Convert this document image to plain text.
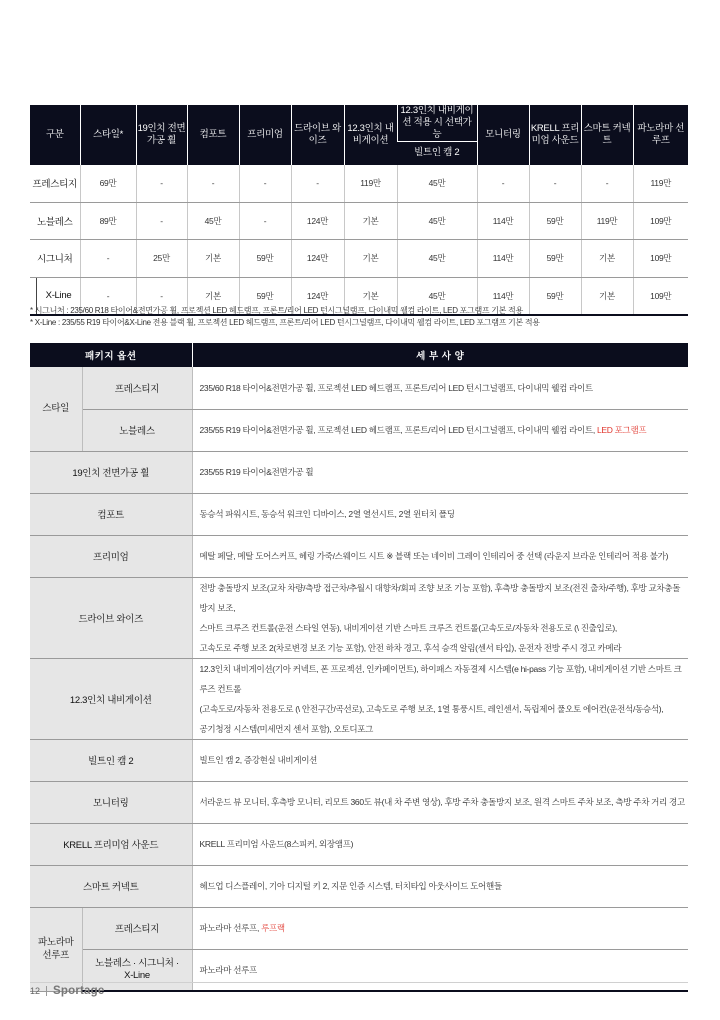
구분	스타일*	19인치 전면가공 휠	컴포트	프리미엄	드라이브 와이즈	12.3인치 내비게이션	12.3인치 내비게이션 적용 시 선택가능	모니터링	KRELL 프리미엄 사운드	스마트 커넥트	파노라마 선루프
							빌트인 캠 2				
프레스티지	69만	-	-	-	-	119만	45만	-	-	-	119만
노블레스	89만	-	45만	-	124만	기본	45만	114만	59만	119만	109만
시그니처	-	25만	기본	59만	124만	기본	45만	114만	59만	기본	109만

X-Line	-	-	기본	59만	124만	기본	45만	114만	59만	기본	109만
* 시그니처 : 235/60 R18 타이어&전면가공 휠, 프로젝션 LED 헤드램프, 프론트/리어 LED 턴시그널램프, 다이내믹 웰컴 라이트, LED 포그램프 기본 적용
* X-Line : 235/55 R19 타이어&X-Line 전용 블랙 휠, 프로젝션 LED 헤드램프, 프론트/리어 LED 턴시그널램프, 다이내믹 웰컴 라이트, LED 포그램프 기본 적용
패키지 옵션		세 부 사 양
스타일	프레스티지	235/60 R18 타이어&전면가공 휠, 프로젝션 LED 헤드램프, 프론트/리어 LED 턴시그널램프, 다이내믹 웰컴 라이트
	노블레스	235/55 R19 타이어&전면가공 휠, 프로젝션 LED 헤드램프, 프론트/리어 LED 턴시그널램프, 다이내믹 웰컴 라이트, LED 포그램프
19인치 전면가공 휠		235/55 R19 타이어&전면가공 휠
컴포트		동승석 파워시트, 동승석 워크인 디바이스, 2열 열선시트, 2열 윈터치 폴딩
프리미엄		메탈 페달, 메탈 도어스커프, 헤링 가죽/스웨이드 시트 ※ 블랙 또는 네이비 그레이 인테리어 중 선택 (라운지 브라운 인테리어 적용 불가)
드라이브 와이즈		전방 충돌방지 보조(교차 차량/측방 접근차/추월시 대향차/회피 조향 보조 기능 포함), 후측방 충돌방지 보조(전진 출차/주행), 후방 교차충돌 방지 보조,
스마트 크루즈 컨트롤(운전 스타일 연동), 내비게이션 기반 스마트 크루즈 컨트롤(고속도로/자동차 전용도로 (\ 진출입로),
고속도로 주행 보조 2(차로변경 보조 기능 포함), 안전 하차 경고, 후석 승객 알림(센서 타입), 운전자 전방 주시 경고 카메라

12.3인치 내비게이션		12.3인치 내비게이션(기아 커넥트, 폰 프로젝션, 인카페이먼트), 하이패스 자동결제 시스템(e hi-pass 기능 포함), 내비게이션 기반 스마트 크루즈 컨트롤
(고속도로/자동차 전용도로 (\ 안전구간/곡선로), 고속도로 주행 보조, 1열 통풍시트, 레인센서, 독립제어 풀오토 에어컨(운전석/동승석),
공기청정 시스템(미세먼지 센서 포함), 오토디포그

빌트인 캠 2		빌트인 캠 2, 증강현실 내비게이션
모니터링		서라운드 뷰 모니터, 후측방 모니터, 리모트 360도 뷰(내 차 주변 영상), 후방 주차 충돌방지 보조, 원격 스마트 주차 보조, 측방 주차 거리 경고
KRELL 프리미엄 사운드		KRELL 프리미엄 사운드(8스피커, 외장앰프)
스마트 커넥트		헤드업 디스플레이, 기아 디지털 키 2, 지문 인증 시스템, 터치타입 아웃사이드 도어핸들

파노라마
선루프	프레스티지	파노라마 선루프, 루프랙

	노블레스 · 시그니처 ·
X-Line	파노라마 선루프
12	Sportage
